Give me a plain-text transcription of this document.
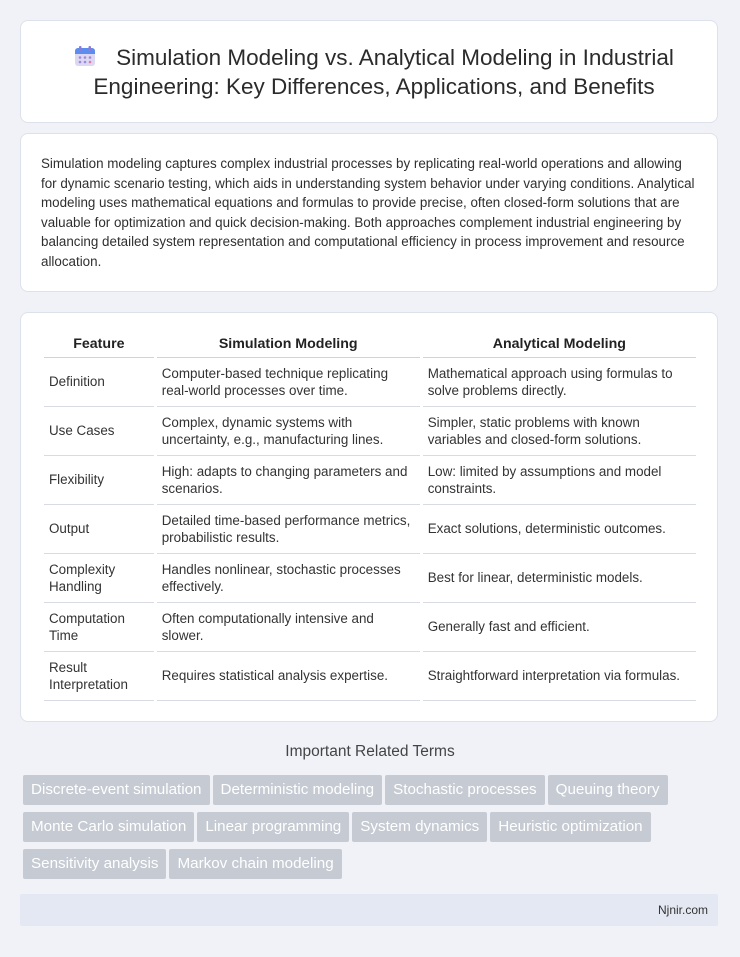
Simulation Modeling vs. Analytical Modeling in Industrial Engineering: Key Differences, Applications, and Benefits
Simulation modeling captures complex industrial processes by replicating real-world operations and allowing for dynamic scenario testing, which aids in understanding system behavior under varying conditions. Analytical modeling uses mathematical equations and formulas to provide precise, often closed-form solutions that are valuable for optimization and quick decision-making. Both approaches complement industrial engineering by balancing detailed system representation and computational efficiency in process improvement and resource allocation.
Feature	Simulation Modeling	Analytical Modeling
Definition	Computer-based technique replicating real-world processes over time.	Mathematical approach using formulas to solve problems directly.
Use Cases	Complex, dynamic systems with uncertainty, e.g., manufacturing lines.	Simpler, static problems with known variables and closed-form solutions.
Flexibility	High: adapts to changing parameters and scenarios.	Low: limited by assumptions and model constraints.
Output	Detailed time-based performance metrics, probabilistic results.	Exact solutions, deterministic outcomes.
Complexity Handling	Handles nonlinear, stochastic processes effectively.	Best for linear, deterministic models.
Computation Time	Often computationally intensive and slower.	Generally fast and efficient.
Result Interpretation	Requires statistical analysis expertise.	Straightforward interpretation via formulas.
Important Related Terms
Discrete-event simulation Deterministic modeling Stochastic processes Queuing theory
Monte Carlo simulation Linear programming System dynamics Heuristic optimization
Sensitivity analysis Markov chain modeling
Njnir.com
